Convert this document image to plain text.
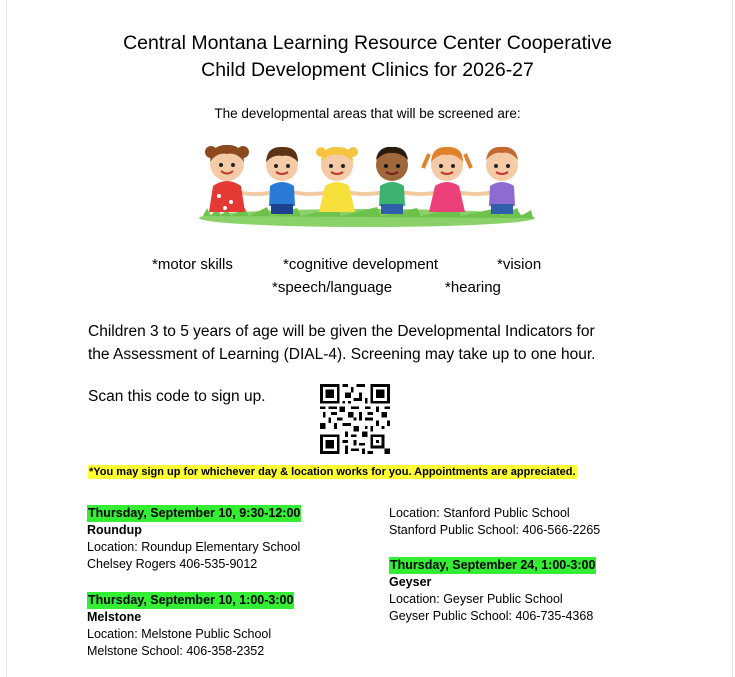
Central Montana Learning Resource Center Cooperative
Child Development Clinics for 2026-27
The developmental areas that will be screened are:
*motor skills	*cognitive development	*vision
*speech/language	*hearing
Children 3 to 5 years of age will be given the Developmental Indicators for
the Assessment of Learning (DIAL-4). Screening may take up to one hour.
Scan this code to sign up.
*You may sign up for whichever day & location works for you. Appointments are appreciated.
Thursday, September 10, 9:30-12:00
Roundup
Location: Roundup Elementary School
Chelsey Rogers 406-535-9012
Thursday, September 10, 1:00-3:00
Melstone
Location: Melstone Public School
Melstone School: 406-358-2352
Location: Stanford Public School
Stanford Public School: 406-566-2265
Thursday, September 24, 1:00-3:00
Geyser
Location: Geyser Public School
Geyser Public School: 406-735-4368
